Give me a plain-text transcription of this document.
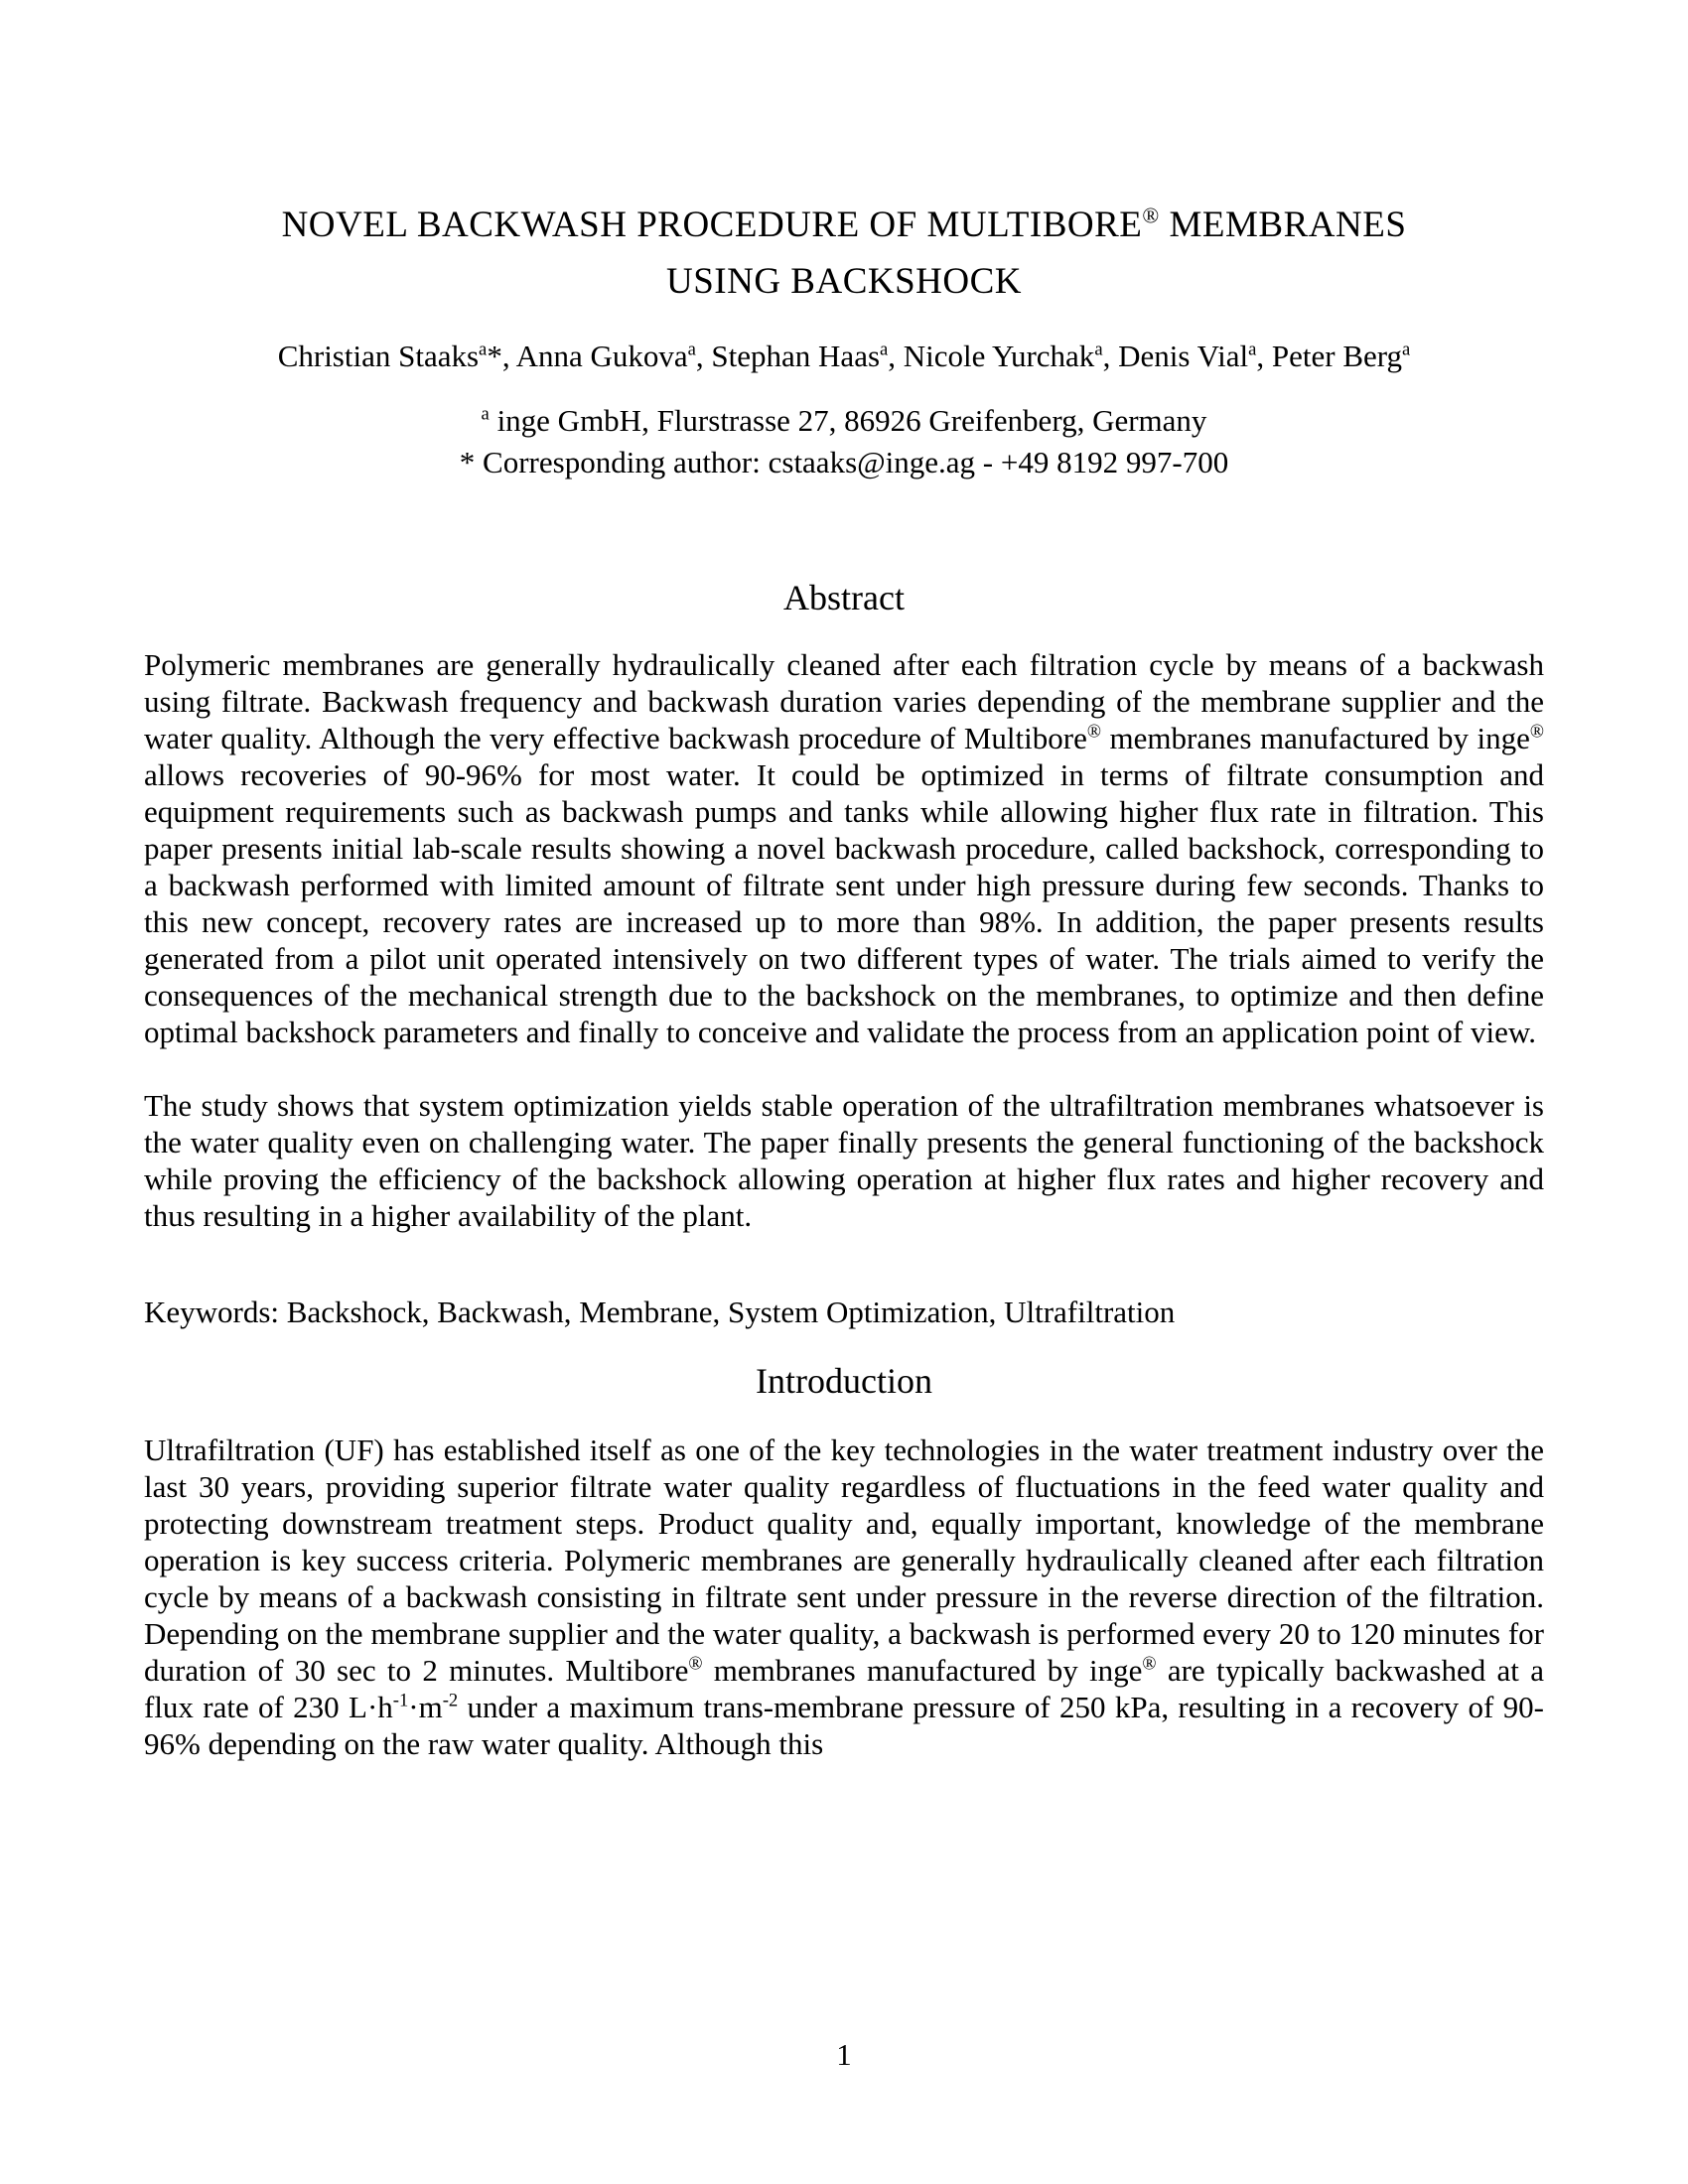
NOVEL BACKWASH PROCEDURE OF MULTIBORE® MEMBRANES
USING BACKSHOCK
Christian Staaks$^a$*, Anna Gukova$^a$, Stephan Haas$^a$, Nicole Yurchak$^a$, Denis Vial$^a$, Peter Berg$^a$
$^a$ inge GmbH, Flurstrasse 27, 86926 Greifenberg, Germany
* Corresponding author: cstaaks@inge.ag - +49 8192 997-700
Abstract
Polymeric membranes are generally hydraulically cleaned after each filtration cycle by means of a backwash using filtrate. Backwash frequency and backwash duration varies depending of the membrane supplier and the water quality. Although the very effective backwash procedure of Multibore® membranes manufactured by inge® allows recoveries of 90-96% for most water. It could be optimized in terms of filtrate consumption and equipment requirements such as backwash pumps and tanks while allowing higher flux rate in filtration. This paper presents initial lab-scale results showing a novel backwash procedure, called backshock, corresponding to a backwash performed with limited amount of filtrate sent under high pressure during few seconds. Thanks to this new concept, recovery rates are increased up to more than 98%. In addition, the paper presents results generated from a pilot unit operated intensively on two different types of water. The trials aimed to verify the consequences of the mechanical strength due to the backshock on the membranes, to optimize and then define optimal backshock parameters and finally to conceive and validate the process from an application point of view.
The study shows that system optimization yields stable operation of the ultrafiltration membranes whatsoever is the water quality even on challenging water. The paper finally presents the general functioning of the backshock while proving the efficiency of the backshock allowing operation at higher flux rates and higher recovery and thus resulting in a higher availability of the plant.
Keywords: Backshock, Backwash, Membrane, System Optimization, Ultrafiltration
Introduction
Ultrafiltration (UF) has established itself as one of the key technologies in the water treatment industry over the last 30 years, providing superior filtrate water quality regardless of fluctuations in the feed water quality and protecting downstream treatment steps. Product quality and, equally important, knowledge of the membrane operation is key success criteria. Polymeric membranes are generally hydraulically cleaned after each filtration cycle by means of a backwash consisting in filtrate sent under pressure in the reverse direction of the filtration. Depending on the membrane supplier and the water quality, a backwash is performed every 20 to 120 minutes for duration of 30 sec to 2 minutes. Multibore® membranes manufactured by inge® are typically backwashed at a flux rate of 230 $L\cdot h^{-1}\cdot m^{-2}$ under a maximum trans-membrane pressure of 250 kPa, resulting in a recovery of 90-96% depending on the raw water quality. Although this
1
